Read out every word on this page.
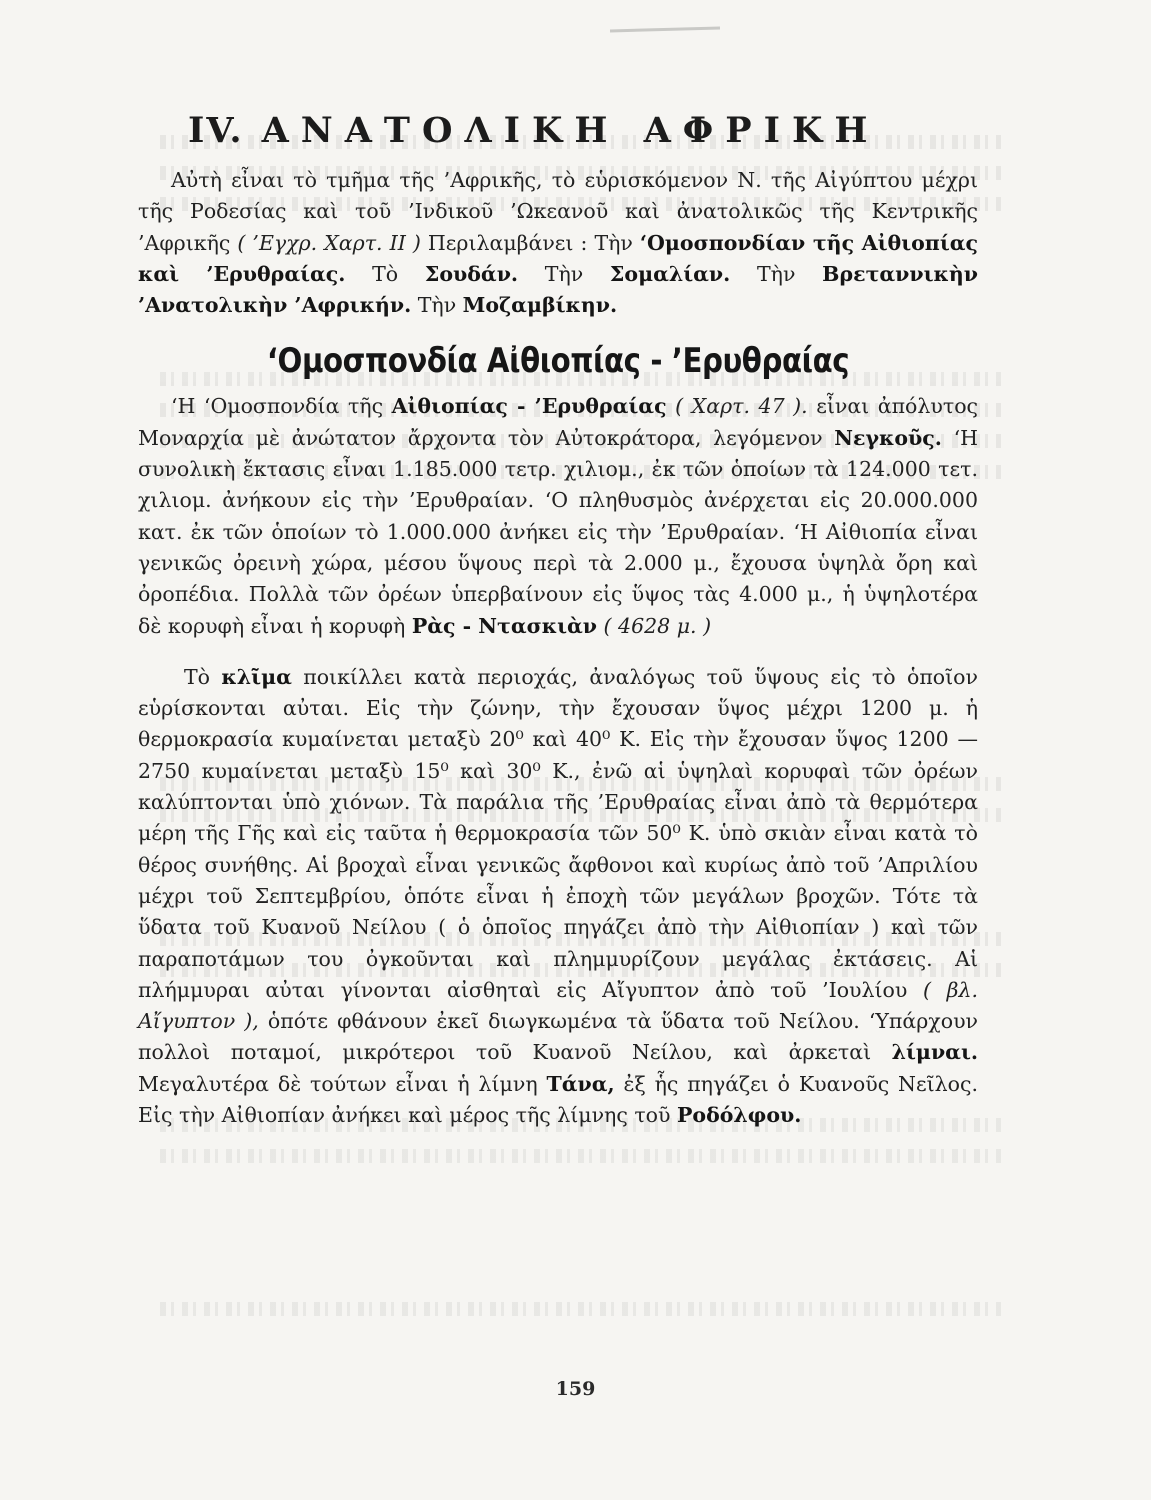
IV. ΑΝΑΤΟΛΙΚΗ ΑΦΡΙΚΗ

Αὐτὴ εἶναι τὸ τμῆμα τῆς ’Αφρικῆς, τὸ εὑρισκόμενον Ν. τῆς Αἰγύπτου μέχρι τῆς Ροδεσίας καὶ τοῦ ’Ινδικοῦ ’Ωκεανοῦ καὶ ἀνατολικῶς τῆς Κεντρικῆς ’Αφρικῆς ( ’Εγχρ. Χαρτ. ΙΙ ) Περιλαμβάνει : Τὴν ‘Ομοσπονδίαν τῆς Αἰθιοπίας καὶ ’Ερυθραίας. Τὸ Σουδάν. Τὴν Σομαλίαν. Τὴν Βρεταννικὴν ’Ανατολικὴν ’Αφρικήν. Τὴν Μοζαμβίκην.

‘Ομοσπονδία Αἰθιοπίας - ’Ερυθραίας

‘Η ‘Ομοσπονδία τῆς Αἰθιοπίας - ’Ερυθραίας ( Χαρτ. 47 ). εἶναι ἀπόλυτος Μοναρχία μὲ ἀνώτατον ἄρχοντα τὸν Αὐτοκράτορα, λεγόμενον Νεγκοῦς. ‘Η συνολικὴ ἔκτασις εἶναι 1.185.000 τετρ. χιλιομ., ἐκ τῶν ὁποίων τὰ 124.000 τετ. χιλιομ. ἀνήκουν εἰς τὴν ’Ερυθραίαν. ‘Ο πληθυσμὸς ἀνέρχεται εἰς 20.000.000 κατ. ἐκ τῶν ὁποίων τὸ 1.000.000 ἀνήκει εἰς τὴν ’Ερυθραίαν. ‘Η Αἰθιοπία εἶναι γενικῶς ὀρεινὴ χώρα, μέσου ὕψους περὶ τὰ 2.000 μ., ἔχουσα ὑψηλὰ ὄρη καὶ ὀροπέδια. Πολλὰ τῶν ὀρέων ὑπερβαίνουν εἰς ὕψος τὰς 4.000 μ., ἡ ὑψηλοτέρα δὲ κορυφὴ εἶναι ἡ κορυφὴ Ρὰς - Ντασκιὰν ( 4628 μ. )

Τὸ κλῖμα ποικίλλει κατὰ περιοχάς, ἀναλόγως τοῦ ὕψους εἰς τὸ ὁποῖον εὑρίσκονται αὐται. Εἰς τὴν ζώνην, τὴν ἔχουσαν ὕψος μέχρι 1200 μ. ἡ θερμοκρασία κυμαίνεται μεταξὺ 20⁰ καὶ 40⁰ Κ. Εἰς τὴν ἔχουσαν ὕψος 1200 — 2750 κυμαίνεται μεταξὺ 15⁰ καὶ 30⁰ Κ., ἐνῶ αἱ ὑψηλαὶ κορυφαὶ τῶν ὀρέων καλύπτονται ὑπὸ χιόνων. Τὰ παράλια τῆς ’Ερυθραίας εἶναι ἀπὸ τὰ θερμότερα μέρη τῆς Γῆς καὶ εἰς ταῦτα ἡ θερμοκρασία τῶν 50⁰ Κ. ὑπὸ σκιὰν εἶναι κατὰ τὸ θέρος συνήθης. Αἱ βροχαὶ εἶναι γενικῶς ἄφθονοι καὶ κυρίως ἀπὸ τοῦ ’Απριλίου μέχρι τοῦ Σεπτεμβρίου, ὁπότε εἶναι ἡ ἐποχὴ τῶν μεγάλων βροχῶν. Τότε τὰ ὕδατα τοῦ Κυανοῦ Νείλου ( ὁ ὁποῖος πηγάζει ἀπὸ τὴν Αἰθιοπίαν ) καὶ τῶν παραποτάμων του ὀγκοῦνται καὶ πλημμυρίζουν μεγάλας ἐκτάσεις. Αἱ πλήμμυραι αὐται γίνονται αἰσθηταὶ εἰς Αἴγυπτον ἀπὸ τοῦ ’Ιουλίου ( βλ. Αἴγυπτον ), ὁπότε φθάνουν ἐκεῖ διωγκωμένα τὰ ὕδατα τοῦ Νείλου. ‘Υπάρχουν πολλοὶ ποταμοί, μικρότεροι τοῦ Κυανοῦ Νείλου, καὶ ἀρκεταὶ λίμναι. Μεγαλυτέρα δὲ τούτων εἶναι ἡ λίμνη Τάνα, ἐξ ἧς πηγάζει ὁ Κυανοῦς Νεῖλος. Εἰς τὴν Αἰθιοπίαν ἀνήκει καὶ μέρος τῆς λίμνης τοῦ Ροδόλφου.

159
